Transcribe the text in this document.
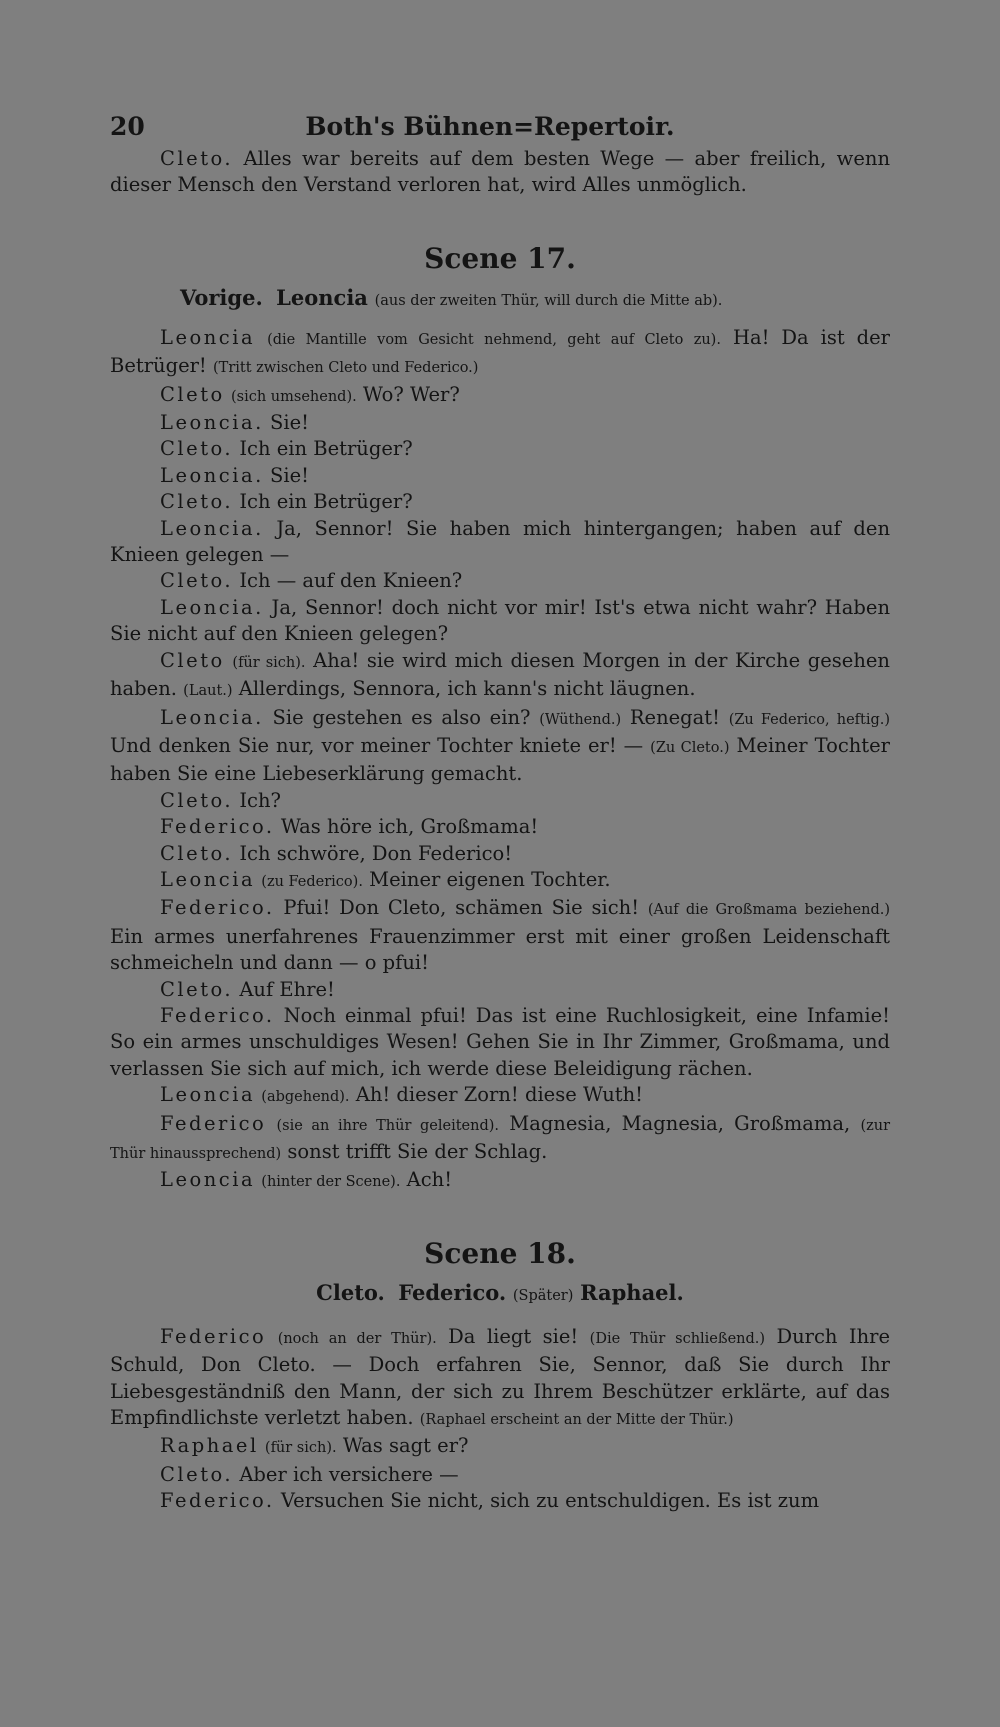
20	Both's Bühnen=Repertoir.

Cleto. Alles war bereits auf dem besten Wege — aber freilich, wenn dieser Mensch den Verstand verloren hat, wird Alles unmöglich.

Scene 17.
Vorige. Leoncia (aus der zweiten Thür, will durch die Mitte ab).

Leoncia (die Mantille vom Gesicht nehmend, geht auf Cleto zu). Ha! Da ist der Betrüger! (Tritt zwischen Cleto und Federico.)

Cleto (sich umsehend). Wo? Wer?

Leoncia. Sie!

Cleto. Ich ein Betrüger?

Leoncia. Sie!

Cleto. Ich ein Betrüger?

Leoncia. Ja, Sennor! Sie haben mich hintergangen; haben auf den Knieen gelegen —

Cleto. Ich — auf den Knieen?

Leoncia. Ja, Sennor! doch nicht vor mir! Ist's etwa nicht wahr? Haben Sie nicht auf den Knieen gelegen?

Cleto (für sich). Aha! sie wird mich diesen Morgen in der Kirche gesehen haben. (Laut.) Allerdings, Sennora, ich kann's nicht läugnen.

Leoncia. Sie gestehen es also ein? (Wüthend.) Renegat! (Zu Federico, heftig.) Und denken Sie nur, vor meiner Tochter kniete er! — (Zu Cleto.) Meiner Tochter haben Sie eine Liebeserklärung gemacht.

Cleto. Ich?

Federico. Was höre ich, Großmama!

Cleto. Ich schwöre, Don Federico!

Leoncia (zu Federico). Meiner eigenen Tochter.

Federico. Pfui! Don Cleto, schämen Sie sich! (Auf die Großmama beziehend.) Ein armes unerfahrenes Frauenzimmer erst mit einer großen Leidenschaft schmeicheln und dann — o pfui!

Cleto. Auf Ehre!

Federico. Noch einmal pfui! Das ist eine Ruchlosigkeit, eine Infamie! So ein armes unschuldiges Wesen! Gehen Sie in Ihr Zimmer, Großmama, und verlassen Sie sich auf mich, ich werde diese Beleidigung rächen.

Leoncia (abgehend). Ah! dieser Zorn! diese Wuth!

Federico (sie an ihre Thür geleitend). Magnesia, Magnesia, Großmama, (zur Thür hinaussprechend) sonst trifft Sie der Schlag.

Leoncia (hinter der Scene). Ach!

Scene 18.
Cleto. Federico. (Später) Raphael.

Federico (noch an der Thür). Da liegt sie! (Die Thür schließend.) Durch Ihre Schuld, Don Cleto. — Doch erfahren Sie, Sennor, daß Sie durch Ihr Liebesgeständniß den Mann, der sich zu Ihrem Beschützer erklärte, auf das Empfindlichste verletzt haben. (Raphael erscheint an der Mitte der Thür.)

Raphael (für sich). Was sagt er?

Cleto. Aber ich versichere —

Federico. Versuchen Sie nicht, sich zu entschuldigen. Es ist zum
